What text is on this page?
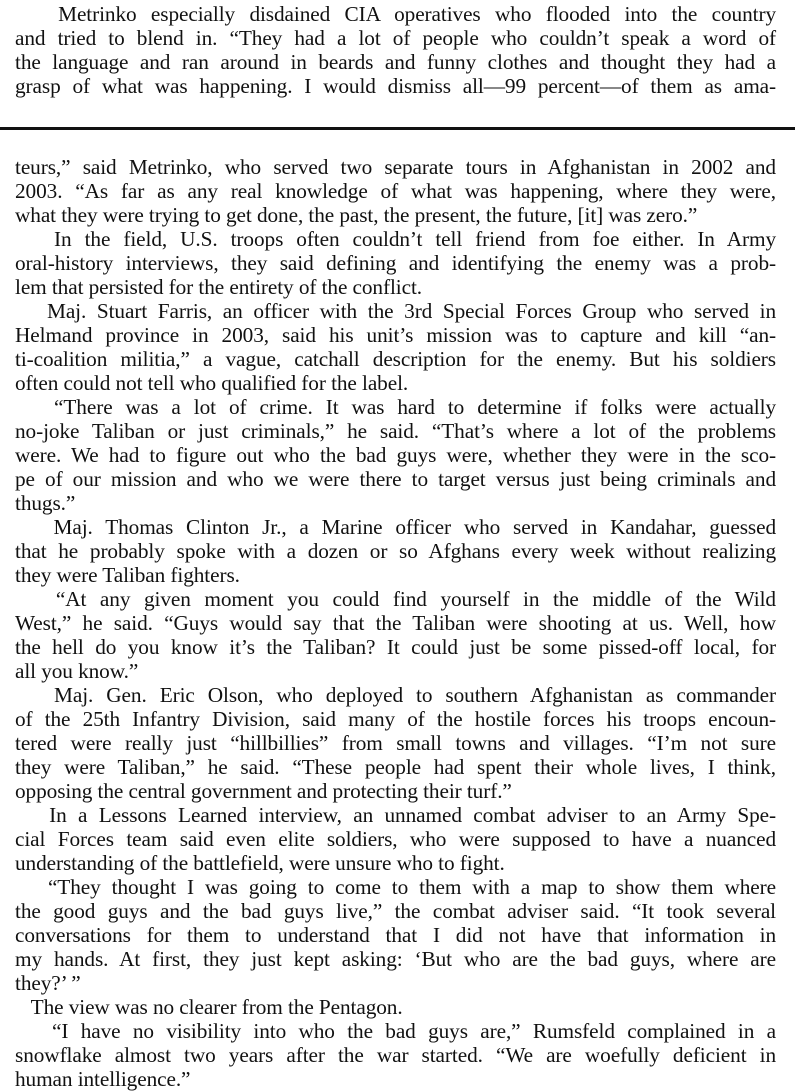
Metrinko especially disdained CIA operatives who flooded into the country
and tried to blend in. “They had a lot of people who couldn’t speak a word of
the language and ran around in beards and funny clothes and thought they had a
grasp of what was happening. I would dismiss all—99 percent—of them as ama-
teurs,” said Metrinko, who served two separate tours in Afghanistan in 2002 and
2003. “As far as any real knowledge of what was happening, where they were,
what they were trying to get done, the past, the present, the future, [it] was zero.”
In the field, U.S. troops often couldn’t tell friend from foe either. In Army
oral-history interviews, they said defining and identifying the enemy was a prob-
lem that persisted for the entirety of the conflict.
Maj. Stuart Farris, an officer with the 3rd Special Forces Group who served in
Helmand province in 2003, said his unit’s mission was to capture and kill “an-
ti-coalition militia,” a vague, catchall description for the enemy. But his soldiers
often could not tell who qualified for the label.
“There was a lot of crime. It was hard to determine if folks were actually
no-joke Taliban or just criminals,” he said. “That’s where a lot of the problems
were. We had to figure out who the bad guys were, whether they were in the sco-
pe of our mission and who we were there to target versus just being criminals and
thugs.”
Maj. Thomas Clinton Jr., a Marine officer who served in Kandahar, guessed
that he probably spoke with a dozen or so Afghans every week without realizing
they were Taliban fighters.
“At any given moment you could find yourself in the middle of the Wild
West,” he said. “Guys would say that the Taliban were shooting at us. Well, how
the hell do you know it’s the Taliban? It could just be some pissed-off local, for
all you know.”
Maj. Gen. Eric Olson, who deployed to southern Afghanistan as commander
of the 25th Infantry Division, said many of the hostile forces his troops encoun-
tered were really just “hillbillies” from small towns and villages. “I’m not sure
they were Taliban,” he said. “These people had spent their whole lives, I think,
opposing the central government and protecting their turf.”
In a Lessons Learned interview, an unnamed combat adviser to an Army Spe-
cial Forces team said even elite soldiers, who were supposed to have a nuanced
understanding of the battlefield, were unsure who to fight.
“They thought I was going to come to them with a map to show them where
the good guys and the bad guys live,” the combat adviser said. “It took several
conversations for them to understand that I did not have that information in
my hands. At first, they just kept asking: ‘But who are the bad guys, where are
they?’ ”
The view was no clearer from the Pentagon.
“I have no visibility into who the bad guys are,” Rumsfeld complained in a
snowflake almost two years after the war started. “We are woefully deficient in
human intelligence.”
